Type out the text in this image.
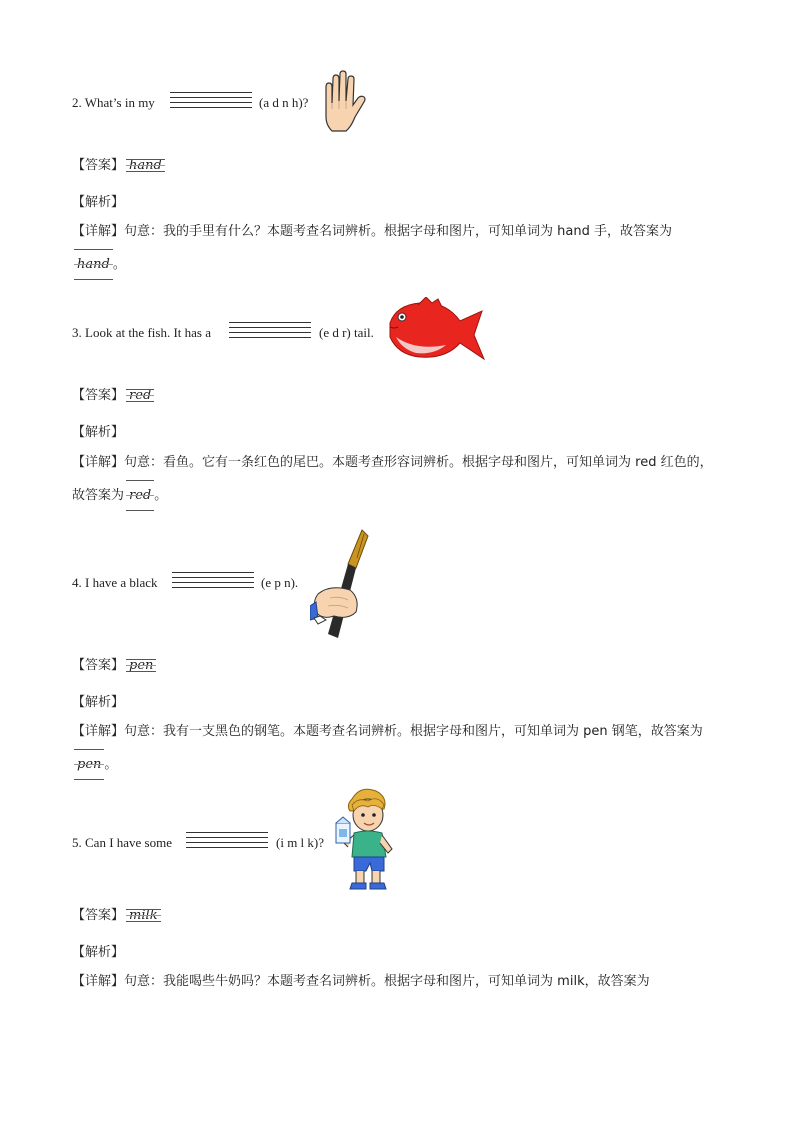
2. What’s in my	(a d n h)?
【答案】 hand
【解析】
【详解】句意：我的手里有什么？本题考查名词辨析。根据字母和图片，可知单词为 hand 手，故答案为
hand 。
3. Look at the fish. It has a	(e d r) tail.
【答案】 red
【解析】
【详解】句意：看鱼。它有一条红色的尾巴。本题考查形容词辨析。根据字母和图片，可知单词为 red 红色的，故答案为 red 。
4. I have a black	(e p n).
【答案】 pen
【解析】
【详解】句意：我有一支黑色的钢笔。本题考查名词辨析。根据字母和图片，可知单词为 pen 钢笔，故答案为pen 。
5. Can I have some	(i m l k)?
【答案】 milk
【解析】
【详解】句意：我能喝些牛奶吗？本题考查名词辨析。根据字母和图片，可知单词为 milk，故答案为
